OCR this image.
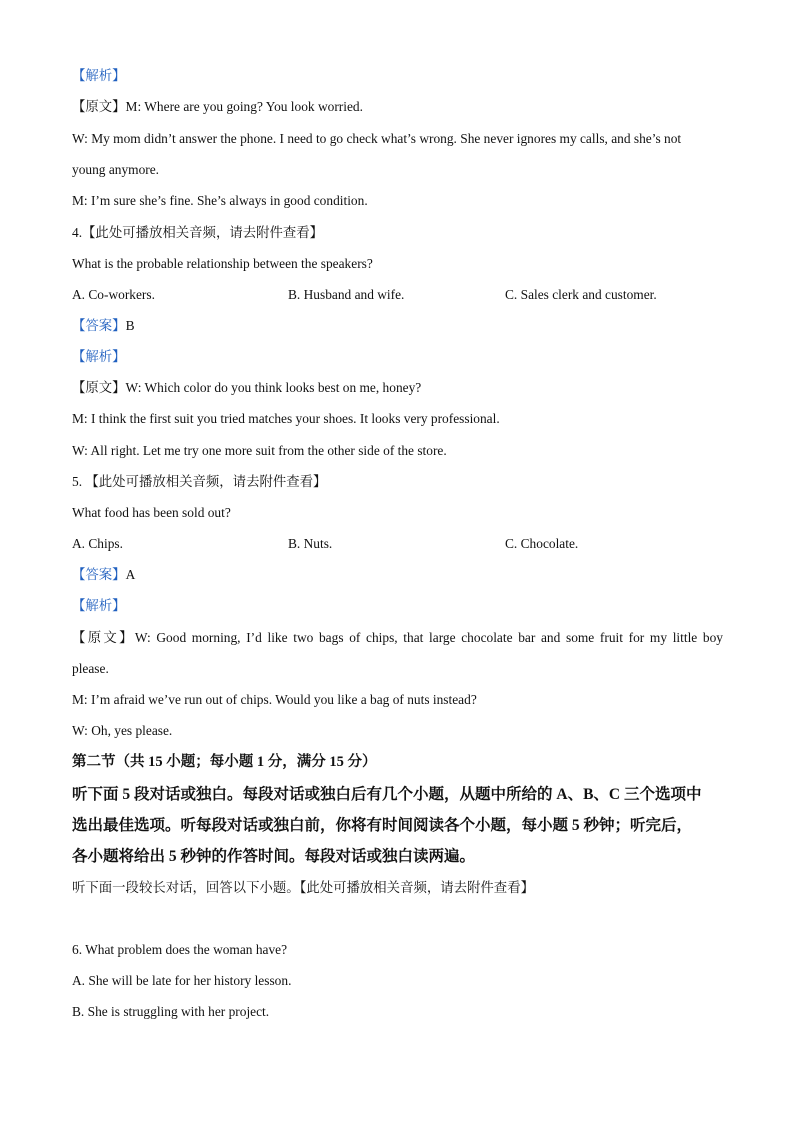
【解析】
【原文】M: Where are you going? You look worried.
W: My mom didn’t answer the phone. I need to go check what’s wrong. She never ignores my calls, and she’s not
young anymore.
M: I’m sure she’s fine. She’s always in good condition.
4.【此处可播放相关音频，请去附件查看】
What is the probable relationship between the speakers?
A. Co-workers.	B. Husband and wife.	C. Sales clerk and customer.
【答案】B
【解析】
【原文】W: Which color do you think looks best on me, honey?
M: I think the first suit you tried matches your shoes. It looks very professional.
W: All right. Let me try one more suit from the other side of the store.
5. 【此处可播放相关音频，请去附件查看】
What food has been sold out?
A. Chips.	B. Nuts.	C. Chocolate.
【答案】A
【解析】
【原文】W: Good morning, I’d like two bags of chips, that large chocolate bar and some fruit for my little boy
please.
M: I’m afraid we’ve run out of chips. Would you like a bag of nuts instead?
W: Oh, yes please.
第二节（共 15 小题；每小题 1 分，满分 15 分）
听下面 5 段对话或独白。每段对话或独白后有几个小题，从题中所给的 A、B、C 三个选项中
选出最佳选项。听每段对话或独白前，你将有时间阅读各个小题，每小题 5 秒钟；听完后，
各小题将给出 5 秒钟的作答时间。每段对话或独白读两遍。
听下面一段较长对话，回答以下小题。【此处可播放相关音频，请去附件查看】
6. What problem does the woman have?
A. She will be late for her history lesson.
B. She is struggling with her project.
